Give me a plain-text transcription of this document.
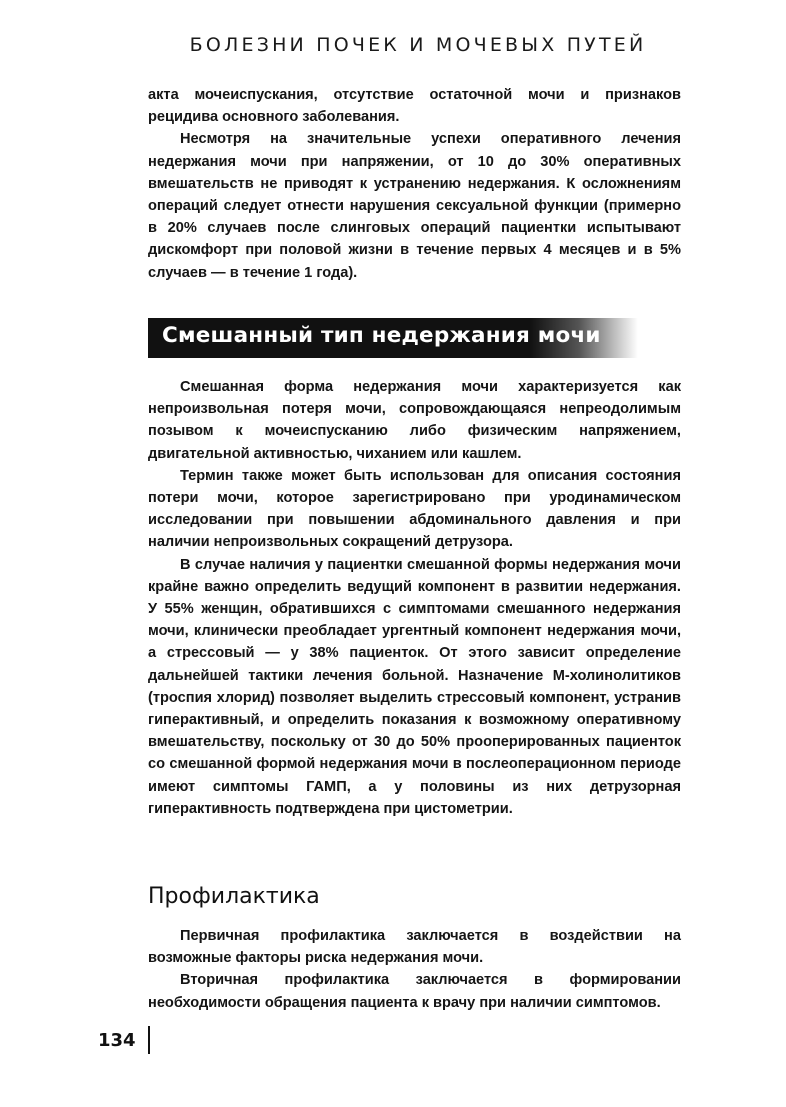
БОЛЕЗНИ ПОЧЕК И МОЧЕВЫХ ПУТЕЙ

акта мочеиспускания, отсутствие остаточной мочи и признаков рецидива основного заболевания.

Несмотря на значительные успехи оперативного лечения недержания мочи при напряжении, от 10 до 30% оперативных вмешательств не приводят к устранению недержания. К осложнениям операций следует отнести нарушения сексуальной функции (примерно в 20% случаев после слинговых операций пациентки испытывают дискомфорт при половой жизни в течение первых 4 месяцев и в 5% случаев — в течение 1 года).

Смешанный тип недержания мочи

Смешанная форма недержания мочи характеризуется как непроизвольная потеря мочи, сопровождающаяся непреодолимым позывом к мочеиспусканию либо физическим напряжением, двигательной активностью, чиханием или кашлем.

Термин также может быть использован для описания состояния потери мочи, которое зарегистрировано при уродинамическом исследовании при повышении абдоминального давления и при наличии непроизвольных сокращений детрузора.

В случае наличия у пациентки смешанной формы недержания мочи крайне важно определить ведущий компонент в развитии недержания. У 55% женщин, обратившихся с симптомами смешанного недержания мочи, клинически преобладает ургентный компонент недержания мочи, а стрессовый — у 38% пациенток. От этого зависит определение дальнейшей тактики лечения больной. Назначение М-холинолитиков (троспия хлорид) позволяет выделить стрессовый компонент, устранив гиперактивный, и определить показания к возможному оперативному вмешательству, поскольку от 30 до 50% прооперированных пациенток со смешанной формой недержания мочи в послеоперационном периоде имеют симптомы ГАМП, а у половины из них детрузорная гиперактивность подтверждена при цистометрии.

Профилактика

Первичная профилактика заключается в воздействии на возможные факторы риска недержания мочи.

Вторичная профилактика заключается в формировании необходимости обращения пациента к врачу при наличии симптомов.

134
